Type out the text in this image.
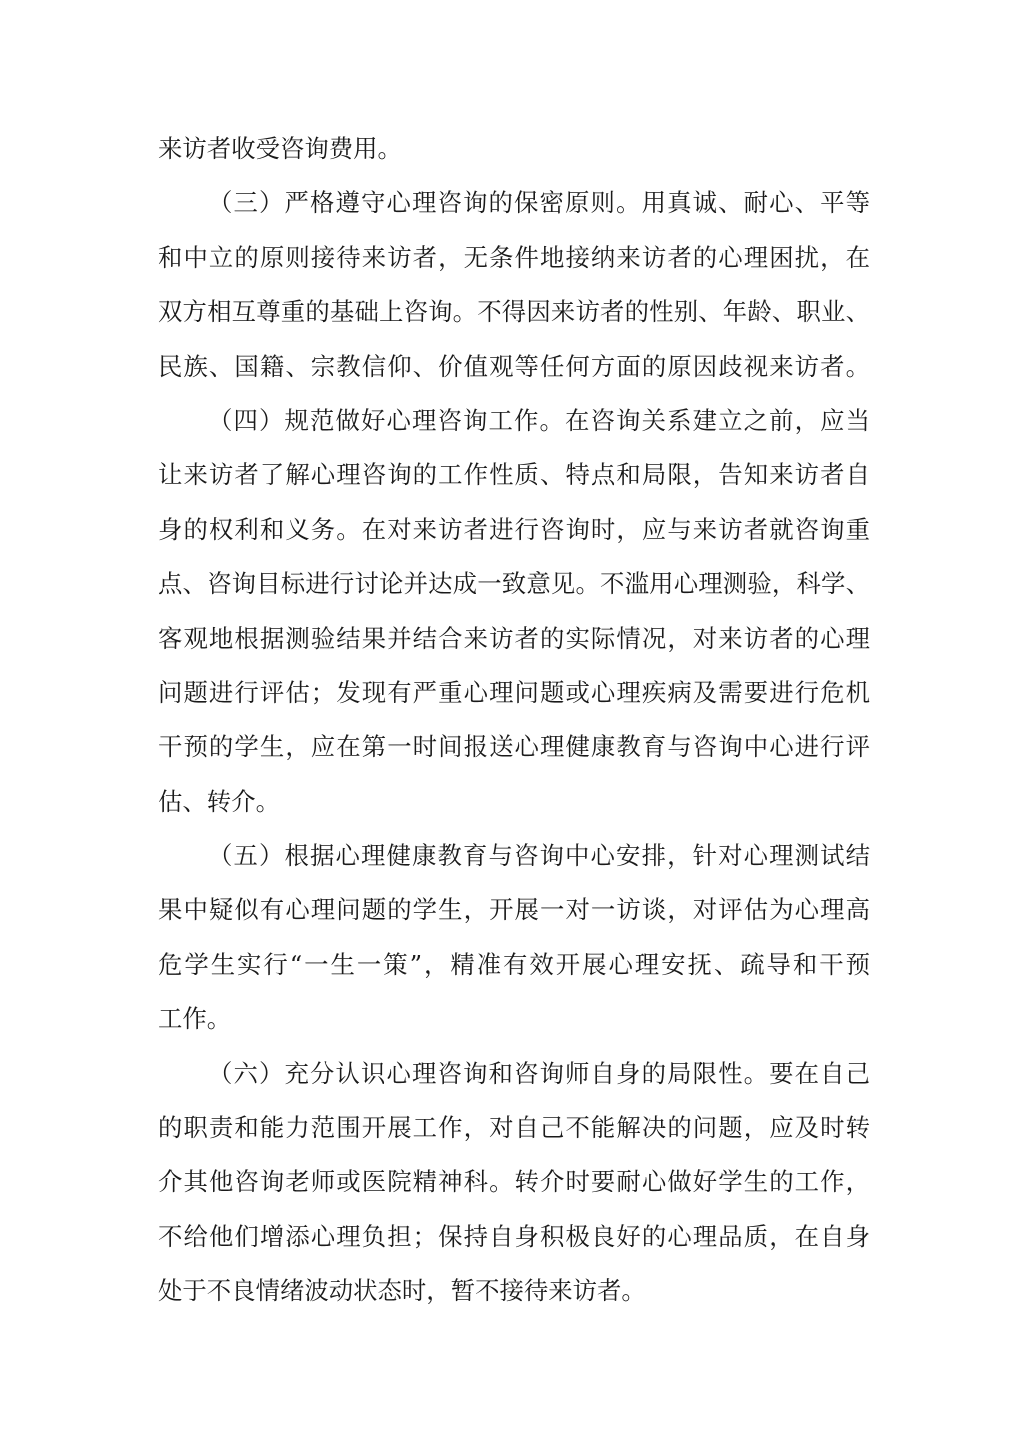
来访者收受咨询费用。
（三）严格遵守心理咨询的保密原则。用真诚、耐心、平等
和中立的原则接待来访者，无条件地接纳来访者的心理困扰，在
双方相互尊重的基础上咨询。不得因来访者的性别、年龄、职业、
民族、国籍、宗教信仰、价值观等任何方面的原因歧视来访者。
（四）规范做好心理咨询工作。在咨询关系建立之前，应当
让来访者了解心理咨询的工作性质、特点和局限，告知来访者自
身的权利和义务。在对来访者进行咨询时，应与来访者就咨询重
点、咨询目标进行讨论并达成一致意见。不滥用心理测验，科学、
客观地根据测验结果并结合来访者的实际情况，对来访者的心理
问题进行评估；发现有严重心理问题或心理疾病及需要进行危机
干预的学生，应在第一时间报送心理健康教育与咨询中心进行评
估、转介。
（五）根据心理健康教育与咨询中心安排，针对心理测试结
果中疑似有心理问题的学生，开展一对一访谈，对评估为心理高
危学生实行“一生一策”，精准有效开展心理安抚、疏导和干预
工作。
（六）充分认识心理咨询和咨询师自身的局限性。要在自己
的职责和能力范围开展工作，对自己不能解决的问题，应及时转
介其他咨询老师或医院精神科。转介时要耐心做好学生的工作，
不给他们增添心理负担；保持自身积极良好的心理品质，在自身
处于不良情绪波动状态时，暂不接待来访者。
